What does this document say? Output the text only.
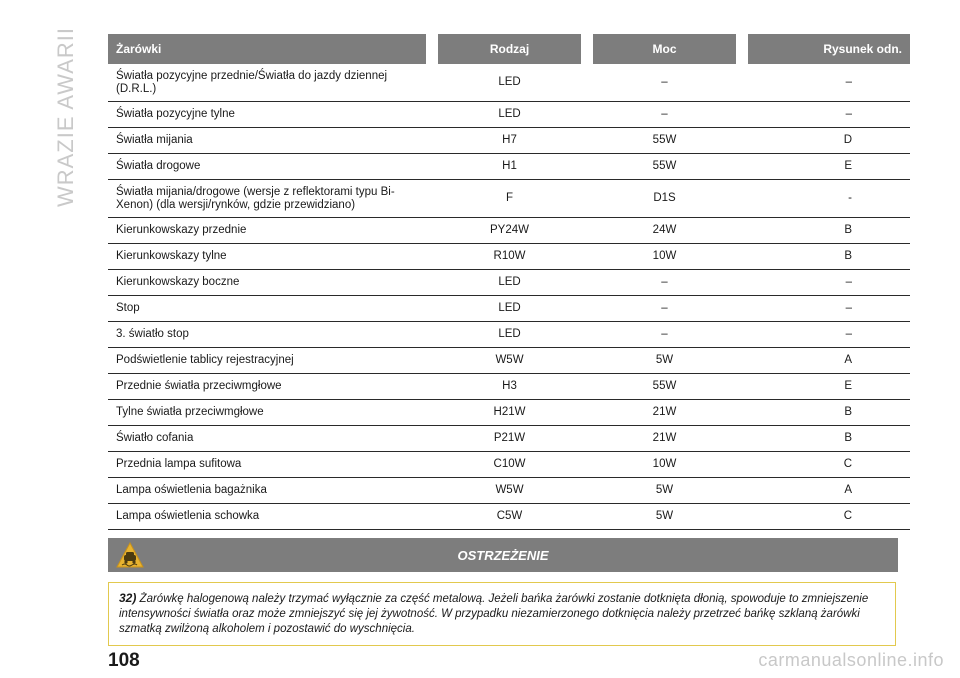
WRAZIE AWARII	Żarówki		Rodzaj		Moc		Rysunek odn.
Światła pozycyjne przednie/Światła do jazdy dziennej (D.R.L.)		LED		–		–
Światła pozycyjne tylne		LED		–		–
Światła mijania		H7		55W		D
Światła drogowe		H1		55W		E
Światła mijania/drogowe (wersje z reflektorami typu Bi-Xenon) (dla wersji/rynków, gdzie przewidziano)		F		D1S		-
Kierunkowskazy przednie		PY24W		24W		B
Kierunkowskazy tylne		R10W		10W		B
Kierunkowskazy boczne		LED		–		–
Stop		LED		–		–
3. światło stop		LED		–		–
Podświetlenie tablicy rejestracyjnej		W5W		5W		A
Przednie światła przeciwmgłowe		H3		55W		E
Tylne światła przeciwmgłowe		H21W		21W		B
Światło cofania		P21W		21W		B
Przednia lampa sufitowa		C10W		10W		C
Lampa oświetlenia bagażnika		W5W		5W		A
Lampa oświetlenia schowka		C5W		5W		C
OSTRZEŻENIE
32) Żarówkę halogenową należy trzymać wyłącznie za część metalową. Jeżeli bańka żarówki zostanie dotknięta dłonią, spowoduje to zmniejszenie intensywności światła oraz może zmniejszyć się jej żywotność. W przypadku niezamierzonego dotknięcia należy przetrzeć bańkę szklaną żarówki szmatką zwilżoną alkoholem i pozostawić do wyschnięcia.
108	carmanualsonline.info
